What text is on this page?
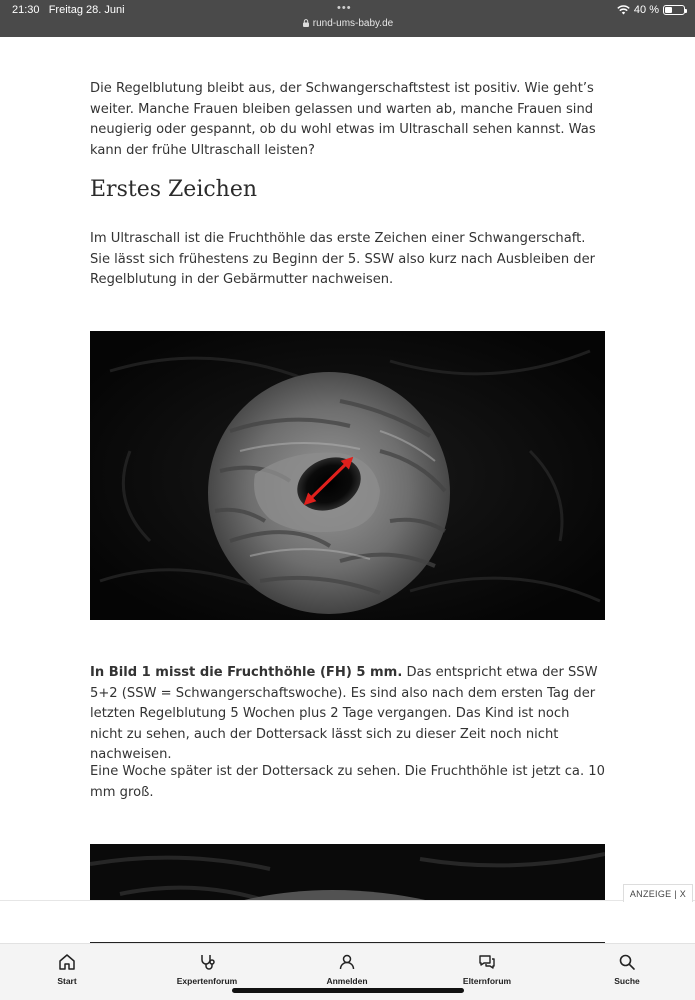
21:30 Freitag 28. Juni	•••
rund-ums-baby.de
40 %

Die Regelblutung bleibt aus, der Schwangerschaftstest ist positiv. Wie geht’s weiter. Manche Frauen bleiben gelassen und warten ab, manche Frauen sind neugierig oder gespannt, ob du wohl etwas im Ultraschall sehen kannst. Was kann der frühe Ultraschall leisten?

Erstes Zeichen

Im Ultraschall ist die Fruchthöhle das erste Zeichen einer Schwangerschaft. Sie lässt sich frühestens zu Beginn der 5. SSW also kurz nach Ausbleiben der Regelblutung in der Gebärmutter nachweisen.

In Bild 1 misst die Fruchthöhle (FH) 5 mm. Das entspricht etwa der SSW 5+2 (SSW = Schwangerschaftswoche). Es sind also nach dem ersten Tag der letzten Regelblutung 5 Wochen plus 2 Tage vergangen. Das Kind ist noch nicht zu sehen, auch der Dottersack lässt sich zu dieser Zeit noch nicht nachweisen.

Eine Woche später ist der Dottersack zu sehen. Die Fruchthöhle ist jetzt ca. 10 mm groß.

ANZEIGE | X
Start	Expertenforum	Anmelden	Elternforum	Suche
